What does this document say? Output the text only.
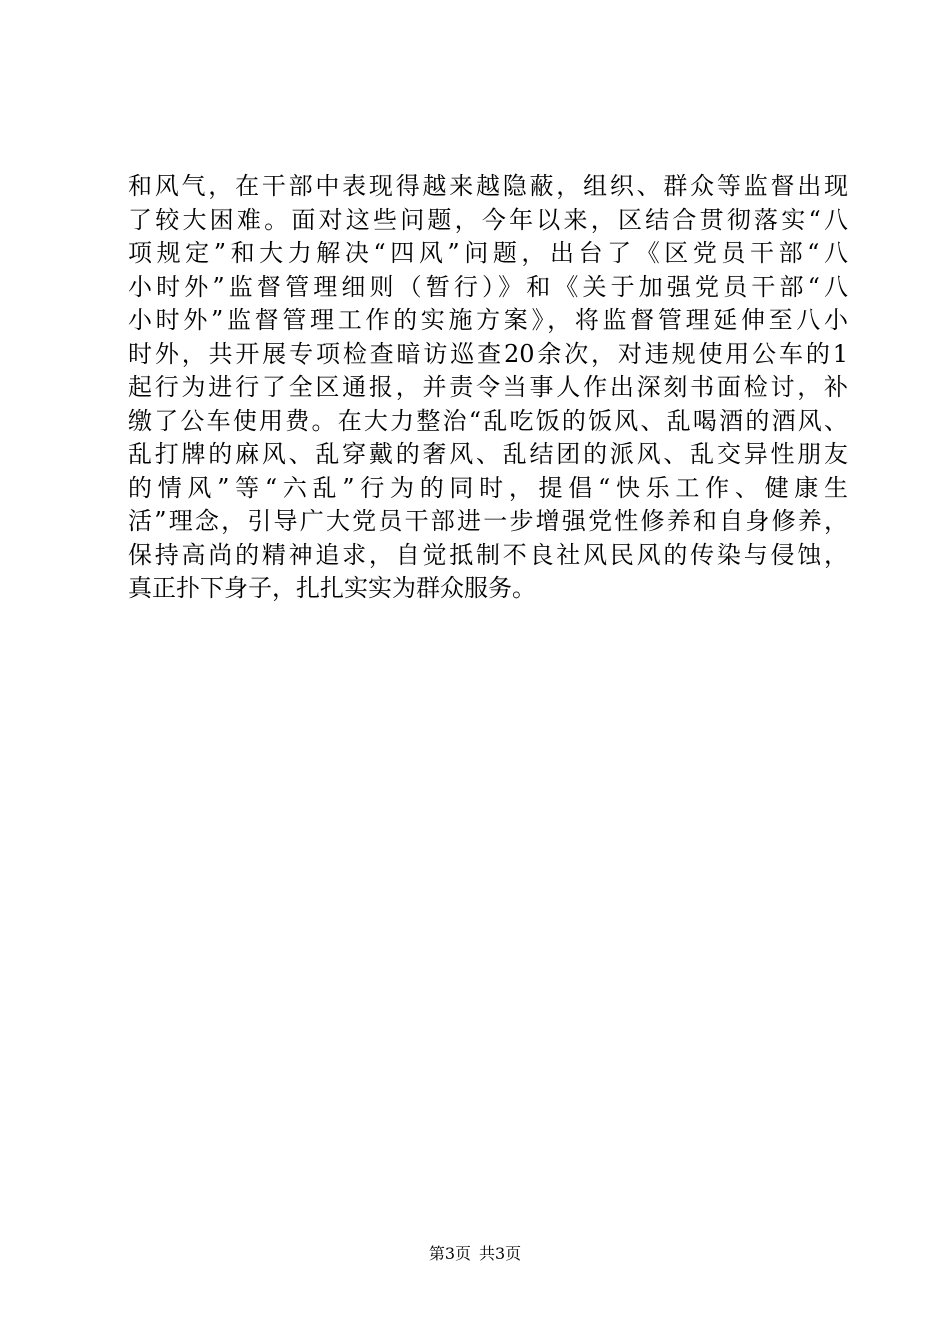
和风气，在干部中表现得越来越隐蔽，组织、群众等监督出现
了较大困难。面对这些问题，今年以来，区结合贯彻落实“八
项规定”和大力解决“四风”问题，出台了《区党员干部“八
小时外”监督管理细则（暂行）》和《关于加强党员干部“八
小时外”监督管理工作的实施方案》，将监督管理延伸至八小
时外，共开展专项检查暗访巡查20余次，对违规使用公车的1
起行为进行了全区通报，并责令当事人作出深刻书面检讨，补
缴了公车使用费。在大力整治“乱吃饭的饭风、乱喝酒的酒风、
乱打牌的麻风、乱穿戴的奢风、乱结团的派风、乱交异性朋友
的情风”等“六乱”行为的同时，提倡“快乐工作、健康生
活”理念，引导广大党员干部进一步增强党性修养和自身修养，
保持高尚的精神追求，自觉抵制不良社风民风的传染与侵蚀，
真正扑下身子，扎扎实实为群众服务。
第3页 共3页
